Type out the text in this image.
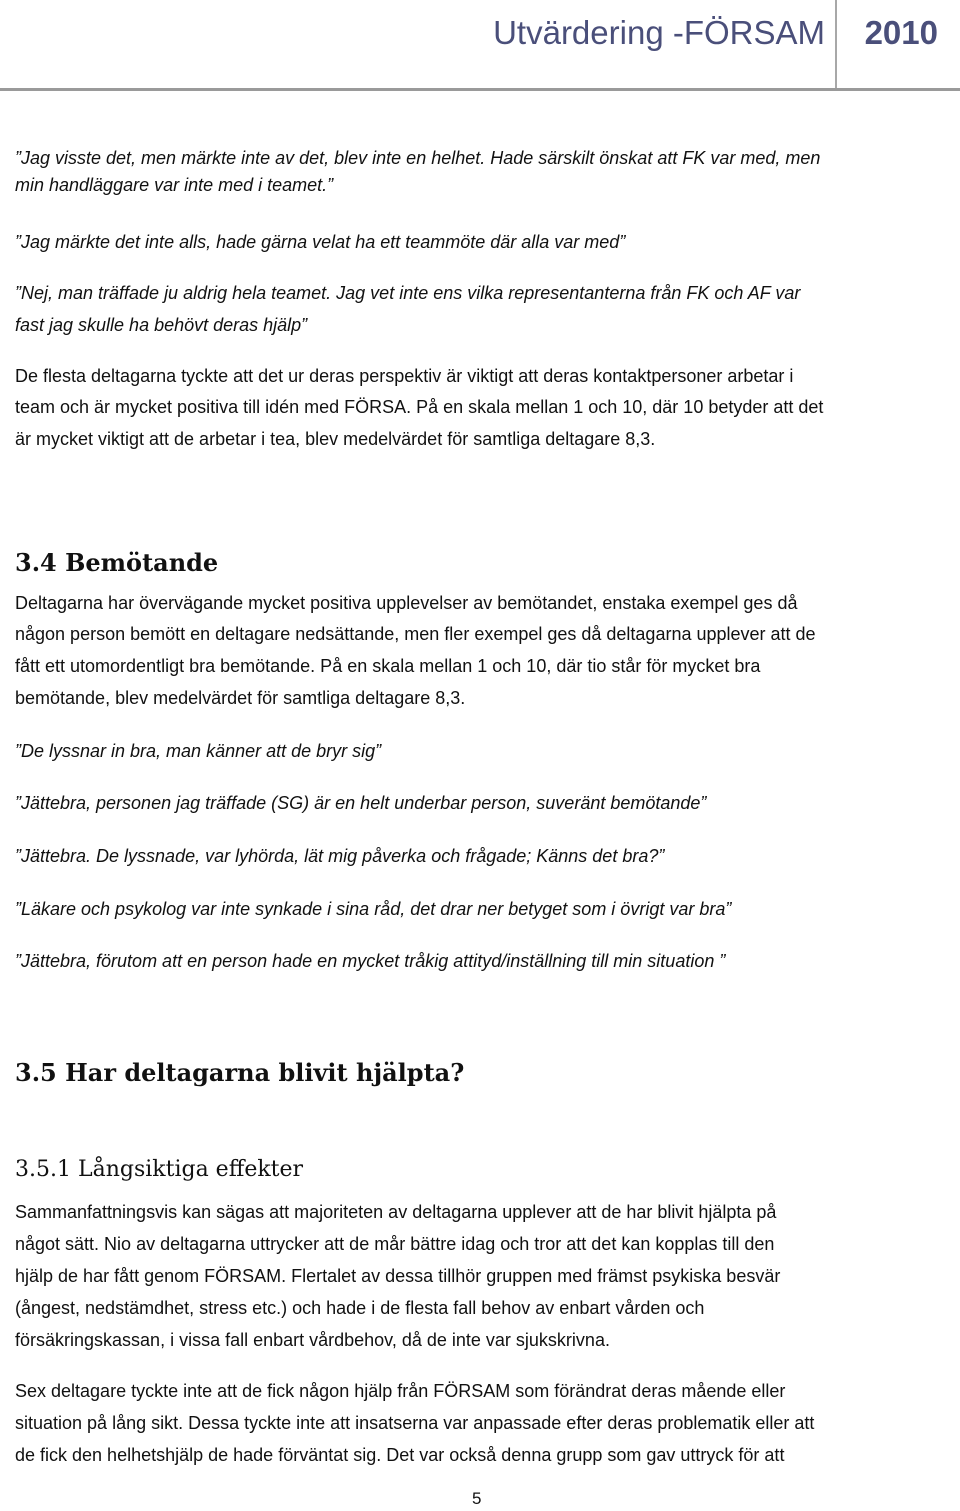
Utvärdering -FÖRSAM 2010
”Jag visste det, men märkte inte av det, blev inte en helhet. Hade särskilt önskat att FK var med, men
min handläggare var inte med i teamet.”
”Jag märkte det inte alls, hade gärna velat ha ett teammöte där alla var med”
”Nej, man träffade ju aldrig hela teamet. Jag vet inte ens vilka representanterna från FK och AF var
fast jag skulle ha behövt deras hjälp”
De flesta deltagarna tyckte att det ur deras perspektiv är viktigt att deras kontaktpersoner arbetar i
team och är mycket positiva till idén med FÖRSA. På en skala mellan 1 och 10, där 10 betyder att det
är mycket viktigt att de arbetar i tea, blev medelvärdet för samtliga deltagare 8,3.
3.4 Bemötande
Deltagarna har övervägande mycket positiva upplevelser av bemötandet, enstaka exempel ges då
någon person bemött en deltagare nedsättande, men fler exempel ges då deltagarna upplever att de
fått ett utomordentligt bra bemötande. På en skala mellan 1 och 10, där tio står för mycket bra
bemötande, blev medelvärdet för samtliga deltagare 8,3.
”De lyssnar in bra, man känner att de bryr sig”
”Jättebra, personen jag träffade (SG) är en helt underbar person, suveränt bemötande”
”Jättebra. De lyssnade, var lyhörda, lät mig påverka och frågade; Känns det bra?”
”Läkare och psykolog var inte synkade i sina råd, det drar ner betyget som i övrigt var bra”
”Jättebra, förutom att en person hade en mycket tråkig attityd/inställning till min situation ”
3.5 Har deltagarna blivit hjälpta?
3.5.1 Långsiktiga effekter
Sammanfattningsvis kan sägas att majoriteten av deltagarna upplever att de har blivit hjälpta på
något sätt. Nio av deltagarna uttrycker att de mår bättre idag och tror att det kan kopplas till den
hjälp de har fått genom FÖRSAM. Flertalet av dessa tillhör gruppen med främst psykiska besvär
(ångest, nedstämdhet, stress etc.) och hade i de flesta fall behov av enbart vården och
försäkringskassan, i vissa fall enbart vårdbehov, då de inte var sjukskrivna.
Sex deltagare tyckte inte att de fick någon hjälp från FÖRSAM som förändrat deras mående eller
situation på lång sikt. Dessa tyckte inte att insatserna var anpassade efter deras problematik eller att
de fick den helhetshjälp de hade förväntat sig. Det var också denna grupp som gav uttryck för att
5
